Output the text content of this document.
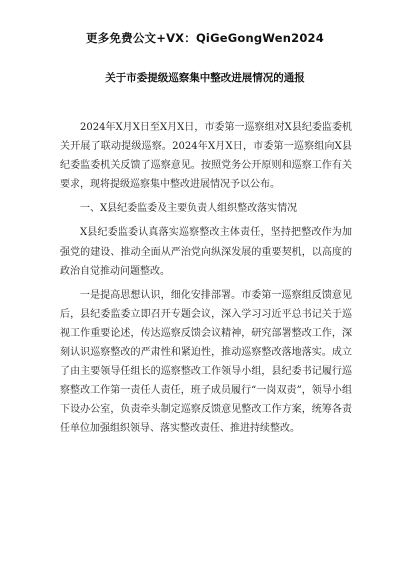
更多免费公文+VX：QiGeGongWen2024
关于市委提级巡察集中整改进展情况的通报

2024年X月X日至X月X日，市委第一巡察组对X县纪委监委机关开展了联动提级巡察。2024年X月X日，市委第一巡察组向X县纪委监委机关反馈了巡察意见。按照党务公开原则和巡察工作有关要求，现将提级巡察集中整改进展情况予以公布。

一、X县纪委监委及主要负责人组织整改落实情况

X县纪委监委认真落实巡察整改主体责任，坚持把整改作为加强党的建设、推动全面从严治党向纵深发展的重要契机，以高度的政治自觉推动问题整改。

一是提高思想认识，细化安排部署。市委第一巡察组反馈意见后，县纪委监委立即召开专题会议，深入学习习近平总书记关于巡视工作重要论述，传达巡察反馈会议精神，研究部署整改工作，深刻认识巡察整改的严肃性和紧迫性，推动巡察整改落地落实。成立了由主要领导任组长的巡察整改工作领导小组，县纪委书记履行巡察整改工作第一责任人责任，班子成员履行“一岗双责”，领导小组下设办公室，负责牵头制定巡察反馈意见整改工作方案，统筹各责任单位加强组织领导、落实整改责任、推进持续整改。
